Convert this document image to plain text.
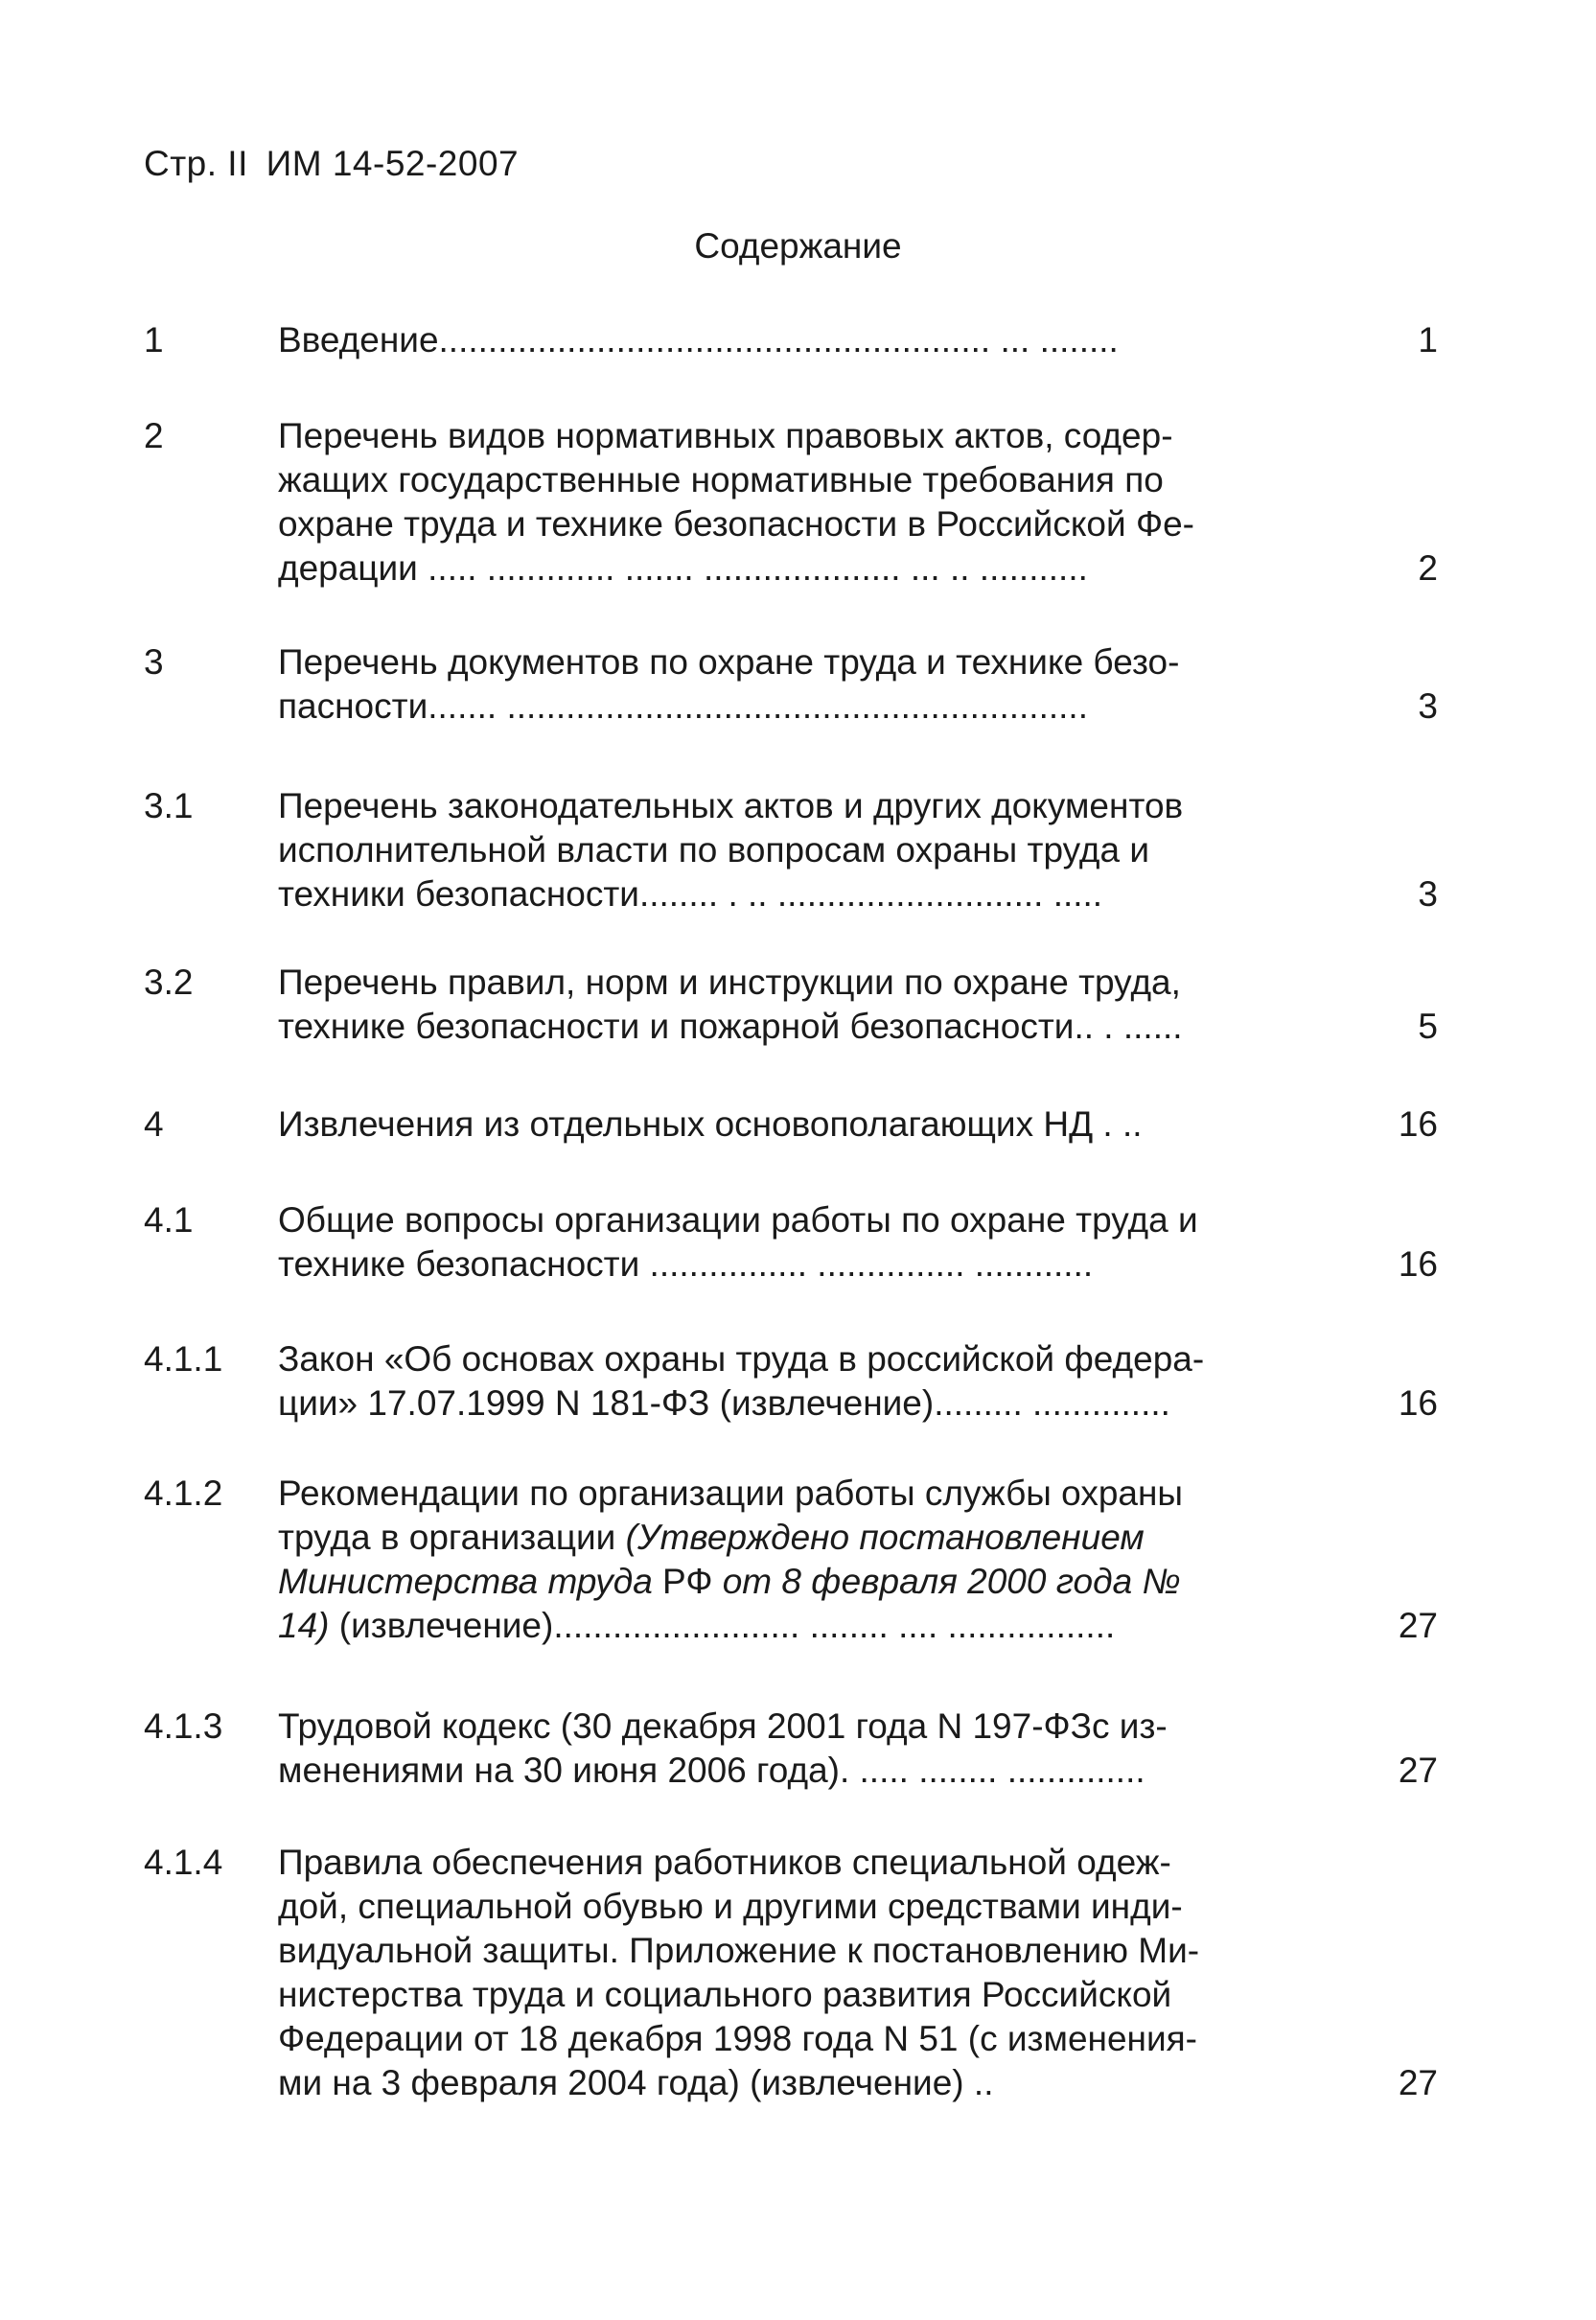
Стр. II ИМ 14-52-2007
Содержание
1	Введение........................................................ ... ........	1
2	Перечень видов нормативных правовых актов, содер-
жащих государственные нормативные требования по
охране труда и технике безопасности в Российской Фе-
дерации ..... ............. ....... .................... ... .. ...........	2
3	Перечень документов по охране труда и технике безо-
пасности....... ...........................................................	3
3.1	Перечень законодательных актов и других документов
исполнительной власти по вопросам охраны труда и
техники безопасности........ . .. ........................... .....	3
3.2	Перечень правил, норм и инструкции по охране труда,
технике безопасности и пожарной безопасности.. . ......	5
4	Извлечения из отдельных основополагающих НД . ..	16
4.1	Общие вопросы организации работы по охране труда и
технике безопасности ................ ............... ............	16
4.1.1	Закон «Об основах охраны труда в российской федера-
ции» 17.07.1999 N 181-ФЗ (извлечение)......... ..............	16
4.1.2	Рекомендации по организации работы службы охраны
труда в организации (Утверждено постановлением
Министерства труда РФ от 8 февраля 2000 года №
14) (извлечение)......................... ........ .... .................	27
4.1.3	Трудовой кодекс (30 декабря 2001 года N 197-ФЗс из-
менениями на 30 июня 2006 года). ..... ........ ..............	27
4.1.4	Правила обеспечения работников специальной одеж-
дой, специальной обувью и другими средствами инди-
видуальной защиты. Приложение к постановлению Ми-
нистерства труда и социального развития Российской
Федерации от 18 декабря 1998 года N 51 (с изменения-
ми на 3 февраля 2004 года) (извлечение) ..	27
